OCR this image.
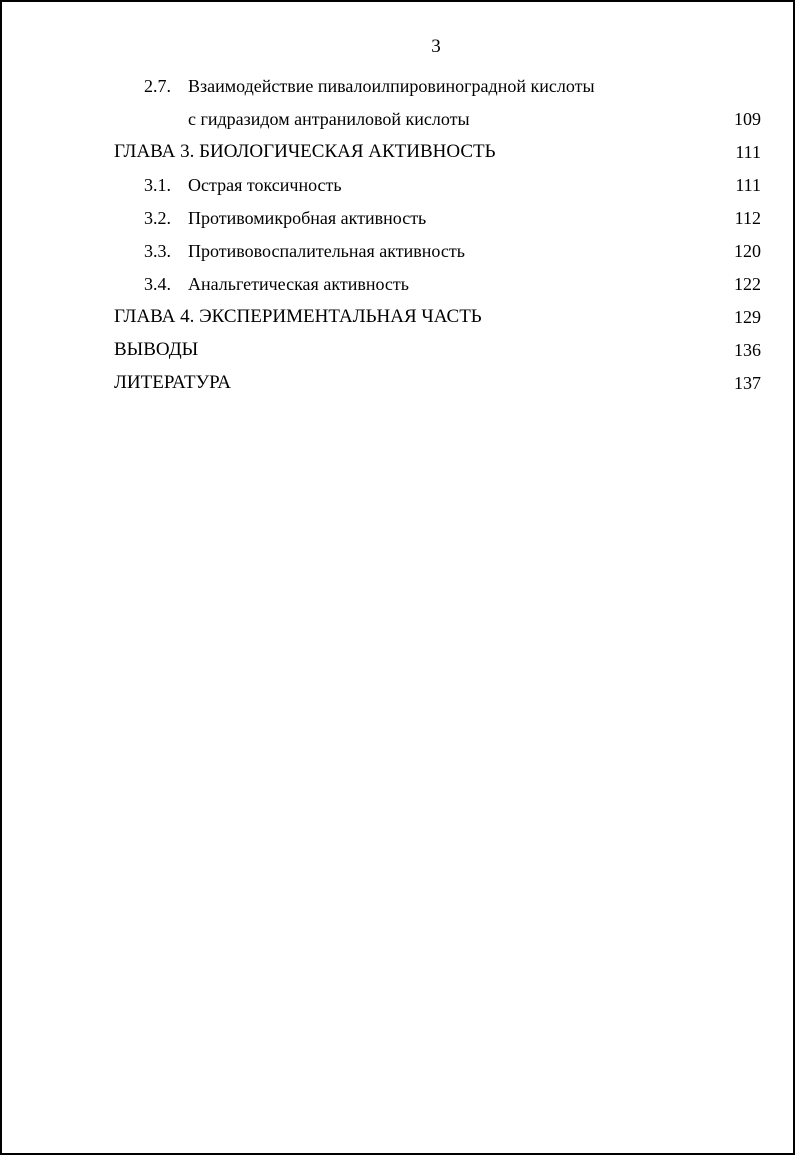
3
2.7. Взаимодействие пивалоилпировиноградной кислоты
с гидразидом антраниловой кислоты	109
ГЛАВА 3. БИОЛОГИЧЕСКАЯ АКТИВНОСТЬ	111
3.1. Острая токсичность	111
3.2. Противомикробная активность	112
3.3. Противовоспалительная активность	120
3.4. Анальгетическая активность	122
ГЛАВА 4. ЭКСПЕРИМЕНТАЛЬНАЯ ЧАСТЬ	129
ВЫВОДЫ	136
ЛИТЕРАТУРА	137
